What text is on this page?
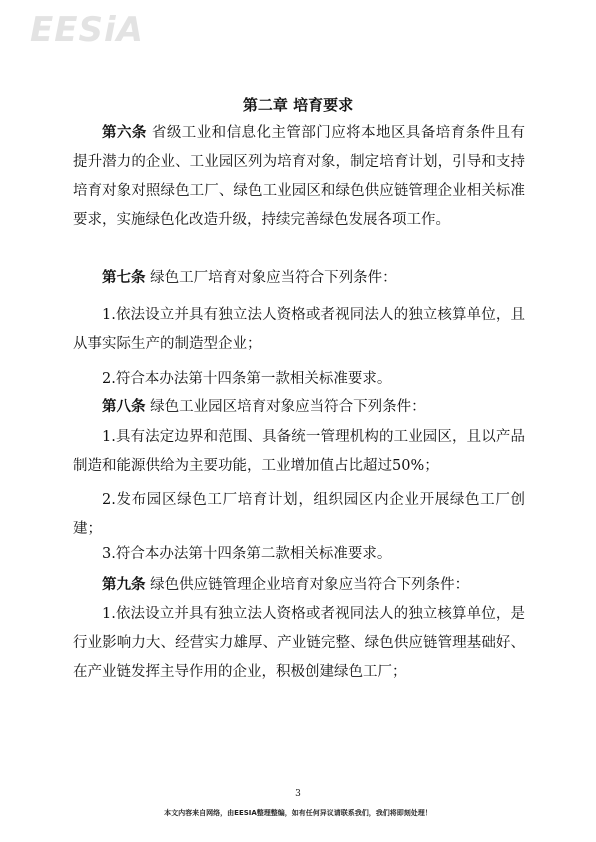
EESiA
第二章 培育要求

第六条 省级工业和信息化主管部门应将本地区具备培育条件且有提升潜力的企业、工业园区列为培育对象，制定培育计划，引导和支持培育对象对照绿色工厂、绿色工业园区和绿色供应链管理企业相关标准要求，实施绿色化改造升级，持续完善绿色发展各项工作。

第七条 绿色工厂培育对象应当符合下列条件：

1.依法设立并具有独立法人资格或者视同法人的独立核算单位，且从事实际生产的制造型企业；

2.符合本办法第十四条第一款相关标准要求。

第八条 绿色工业园区培育对象应当符合下列条件：

1.具有法定边界和范围、具备统一管理机构的工业园区，且以产品制造和能源供给为主要功能，工业增加值占比超过50%；

2.发布园区绿色工厂培育计划，组织园区内企业开展绿色工厂创建；

3.符合本办法第十四条第二款相关标准要求。

第九条 绿色供应链管理企业培育对象应当符合下列条件：

1.依法设立并具有独立法人资格或者视同法人的独立核算单位，是行业影响力大、经营实力雄厚、产业链完整、绿色供应链管理基础好、在产业链发挥主导作用的企业，积极创建绿色工厂；

3
本文内容来自网络，由EESIA整理整编，如有任何异议请联系我们，我们将即刻处理！
